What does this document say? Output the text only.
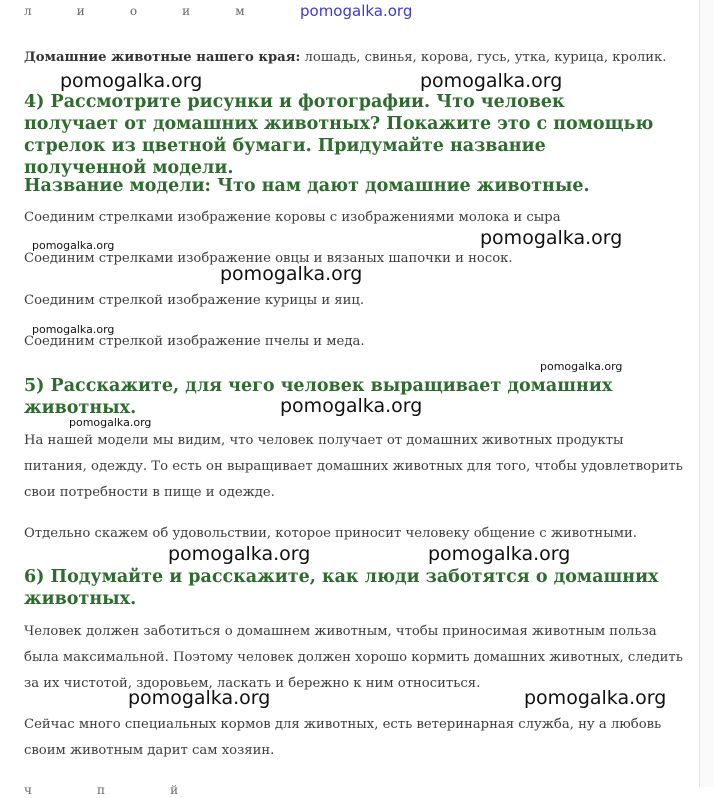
л	и	о	и	м	pomogalka.org

Домашние животные нашего края: лошадь, свинья, корова, гусь, утка, курица, кролик.

4) Рассмотрите рисунки и фотографии. Что человек получает от домашних животных? Покажите это с помощью стрелок из цветной бумаги. Придумайте название полученной модели.
Название модели: Что нам дают домашние животные.

Соединим стрелками изображение коровы с изображениями молока и сыра

Соединим стрелками изображение овцы и вязаных шапочки и носок.

Соединим стрелкой изображение курицы и яиц.

Соединим стрелкой изображение пчелы и меда.

5) Расскажите, для чего человек выращивает домашних животных.

На нашей модели мы видим, что человек получает от домашних животных продукты питания, одежду. То есть он выращивает домашних животных для того, чтобы удовлетворить свои потребности в пище и одежде.

Отдельно скажем об удовольствии, которое приносит человеку общение с животными.

6) Подумайте и расскажите, как люди заботятся о домашних животных.

Человек должен заботиться о домашнем животным, чтобы приносимая животным польза была максимальной. Поэтому человек должен хорошо кормить домашних животных, следить за их чистотой, здоровьем, ласкать и бережно к ним относиться.

Сейчас много специальных кормов для животных, есть ветеринарная служба, ну а любовь своим животным дарит сам хозяин.

ч	п	й
pomogalka.org	pomogalka.org
pomogalka.org
pomogalka.org
pomogalka.org
pomogalka.org
pomogalka.org
pomogalka.org
pomogalka.org
pomogalka.org	pomogalka.org
pomogalka.org	pomogalka.org
